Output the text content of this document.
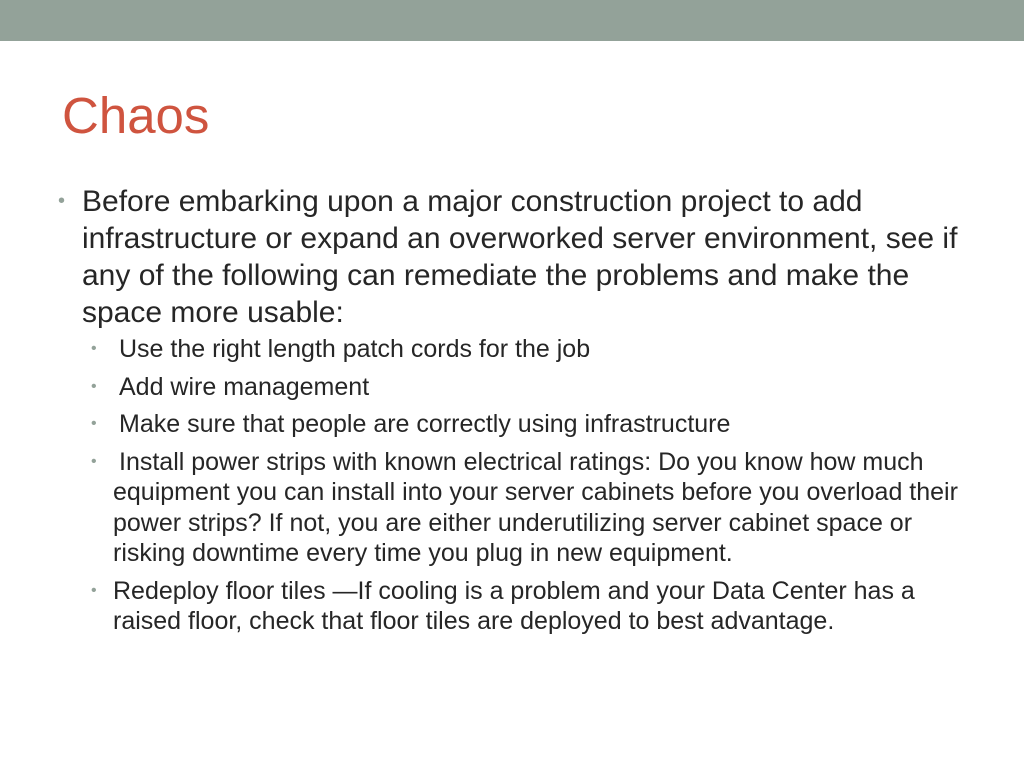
Chaos
• Before embarking upon a major construction project to add infrastructure or expand an overworked server environment, see if any of the following can remediate the problems and make the space more usable:
• Use the right length patch cords for the job
• Add wire management
• Make sure that people are correctly using infrastructure
• Install power strips with known electrical ratings: Do you know how much equipment you can install into your server cabinets before you overload their power strips? If not, you are either underutilizing server cabinet space or risking downtime every time you plug in new equipment.
• Redeploy floor tiles —If cooling is a problem and your Data Center has a raised floor, check that floor tiles are deployed to best advantage.
